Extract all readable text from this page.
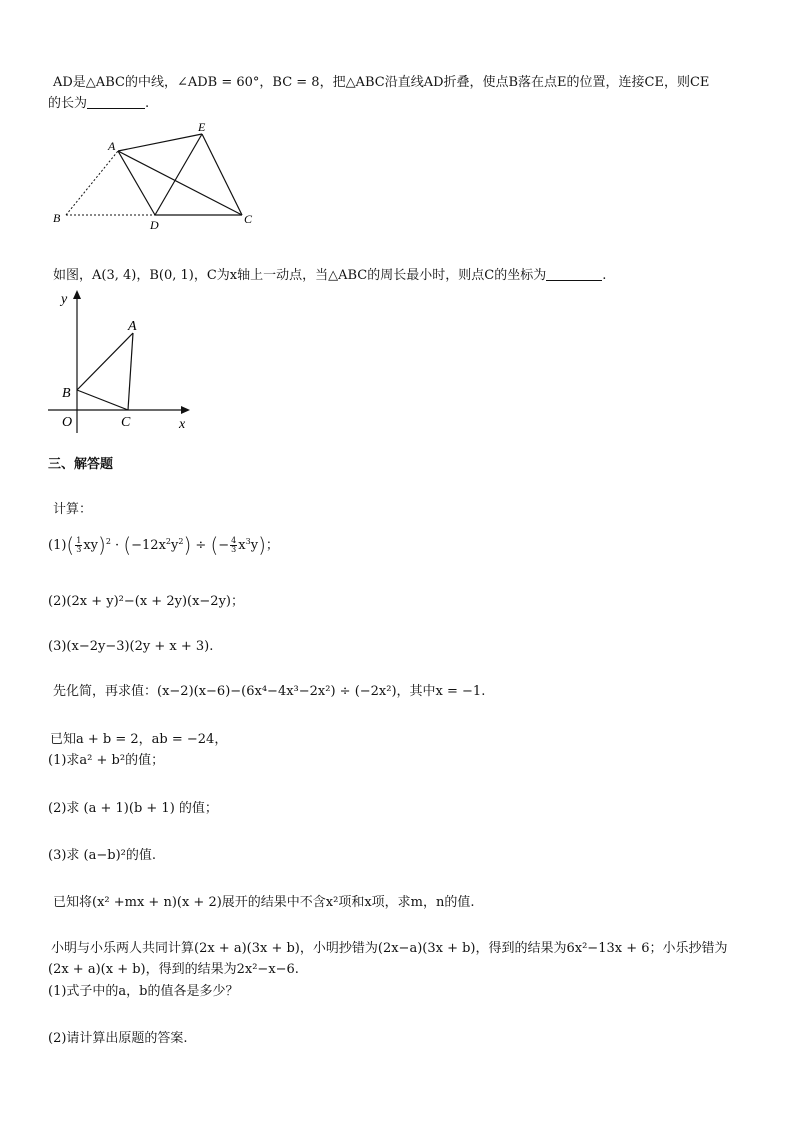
AD是△ABC的中线，∠ADB = 60°，BC = 8，把△ABC沿直线AD折叠，使点B落在点E的位置，连接CE，则CE
的长为	.
A
E
B	D	C
如图，A(3, 4)，B(0, 1)，C为x轴上一动点，当△ABC的周长最小时，则点C的坐标为	.
y
x
O
A
B
C
三、解答题
计算：
$(1)( \frac{1}{3} xy)^2 \cdot (-12x^2y^2)$ ÷ (− $\frac{4}{3} x^3y$)；
(2)(2x + y)²−(x + 2y)(x−2y)；
(3)(x−2y−3)(2y + x + 3).
先化简，再求值：(x−2)(x−6)−(6x⁴−4x³−2x²) ÷ (−2x²)，其中x = −1.
已知a + b = 2，ab = −24，
(1)求a² + b²的值；
(2)求 (a + 1)(b + 1) 的值；
(3)求 (a−b)²的值.
已知将(x² +mx + n)(x + 2)展开的结果中不含x²项和x项，求m，n的值.
小明与小乐两人共同计算(2x + a)(3x + b)，小明抄错为(2x−a)(3x + b)，得到的结果为6x²−13x + 6；小乐抄错为
(2x + a)(x + b)，得到的结果为2x²−x−6.
(1)式子中的a，b的值各是多少？
(2)请计算出原题的答案.
